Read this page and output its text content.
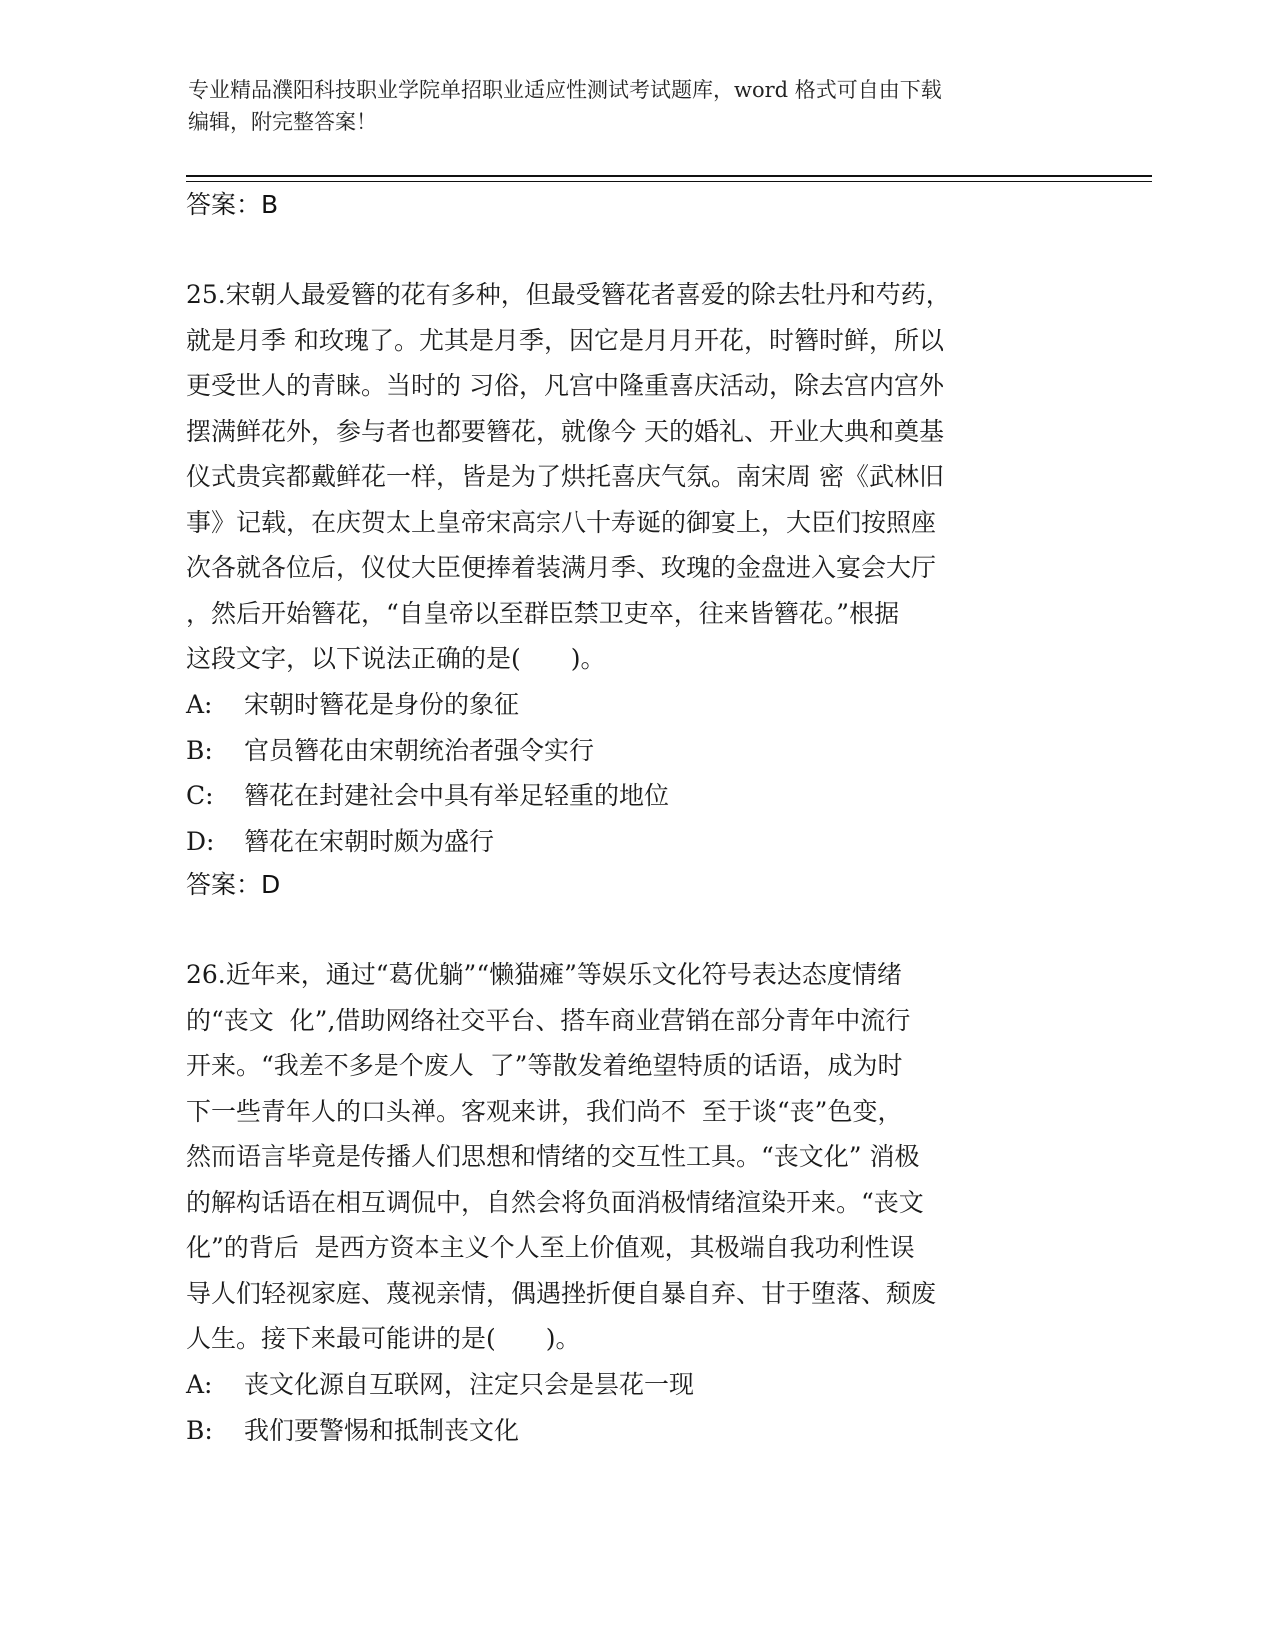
专业精品濮阳科技职业学院单招职业适应性测试考试题库，word 格式可自由下载
编辑，附完整答案！
答案：B
25.宋朝人最爱簪的花有多种，但最受簪花者喜爱的除去牡丹和芍药，
就是月季 和玫瑰了。尤其是月季，因它是月月开花，时簪时鲜，所以
更受世人的青睐。当时的 习俗，凡宫中隆重喜庆活动，除去宫内宫外
摆满鲜花外，参与者也都要簪花，就像今 天的婚礼、开业大典和奠基
仪式贵宾都戴鲜花一样，皆是为了烘托喜庆气氛。南宋周 密《武林旧
事》记载，在庆贺太上皇帝宋高宗八十寿诞的御宴上，大臣们按照座
次各就各位后，仪仗大臣便捧着装满月季、玫瑰的金盘进入宴会大厅
，然后开始簪花，“自皇帝以至群臣禁卫吏卒，往来皆簪花。”根据
这段文字，以下说法正确的是(　　)。
A:	宋朝时簪花是身份的象征
B:	官员簪花由宋朝统治者强令实行
C:	簪花在封建社会中具有举足轻重的地位
D:	簪花在宋朝时颇为盛行
答案：D
26.近年来，通过“葛优躺”“懒猫瘫”等娱乐文化符号表达态度情绪
的“丧文  化”,借助网络社交平台、搭车商业营销在部分青年中流行
开来。“我差不多是个废人  了”等散发着绝望特质的话语，成为时
下一些青年人的口头禅。客观来讲，我们尚不  至于谈“丧”色变，
然而语言毕竟是传播人们思想和情绪的交互性工具。“丧文化” 消极
的解构话语在相互调侃中，自然会将负面消极情绪渲染开来。“丧文
化”的背后  是西方资本主义个人至上价值观，其极端自我功利性误
导人们轻视家庭、蔑视亲情，偶遇挫折便自暴自弃、甘于堕落、颓废
人生。接下来最可能讲的是(　　)。
A:	丧文化源自互联网，注定只会是昙花一现
B:	我们要警惕和抵制丧文化
